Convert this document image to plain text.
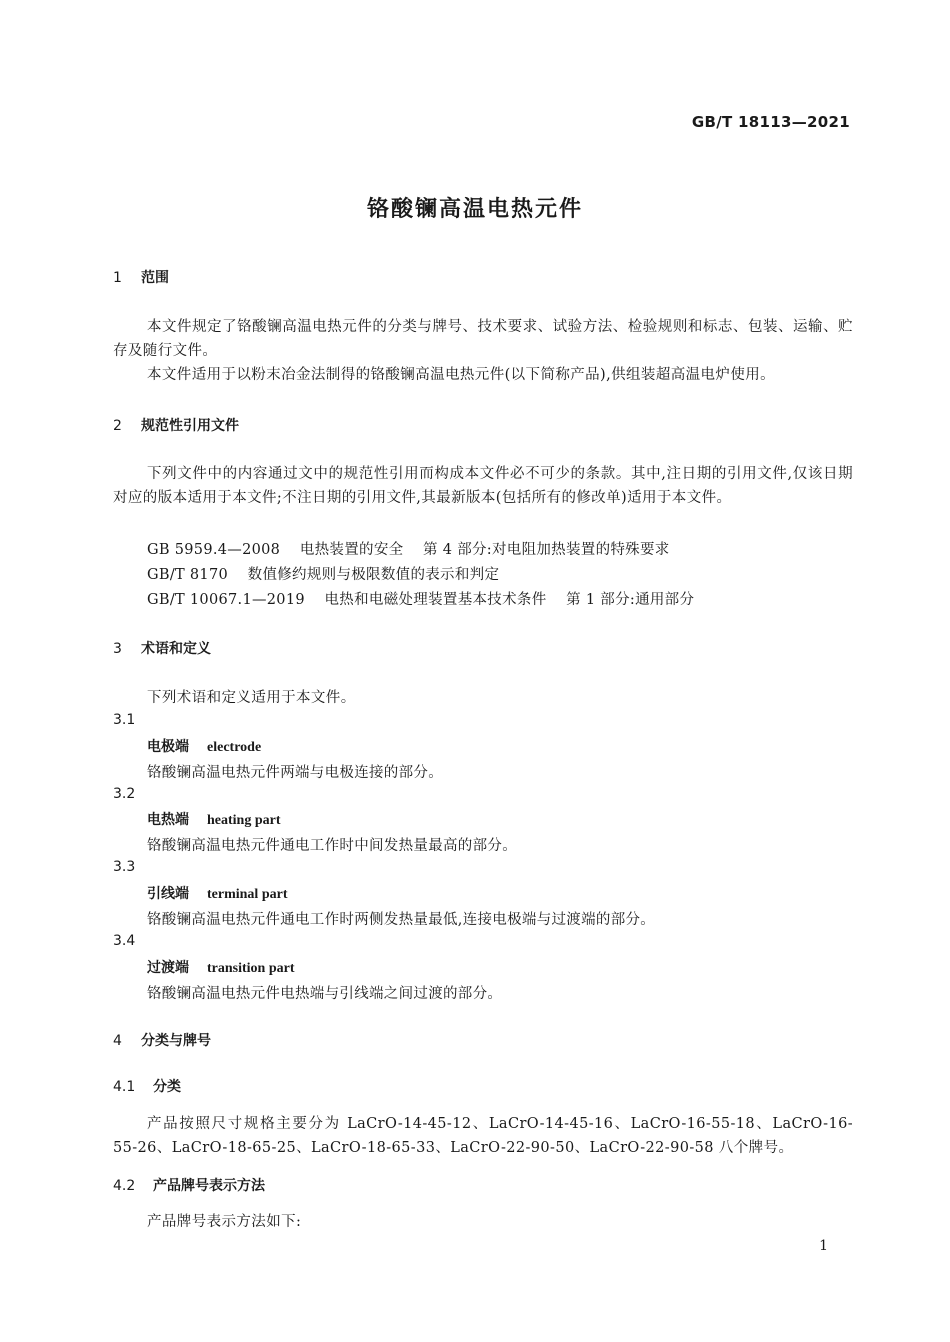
GB/T 18113—2021
铬酸镧高温电热元件
1 范围
本文件规定了铬酸镧高温电热元件的分类与牌号、技术要求、试验方法、检验规则和标志、包装、运输、贮存及随行文件。
本文件适用于以粉末冶金法制得的铬酸镧高温电热元件(以下简称产品),供组装超高温电炉使用。
2 规范性引用文件
下列文件中的内容通过文中的规范性引用而构成本文件必不可少的条款。其中,注日期的引用文件,仅该日期对应的版本适用于本文件;不注日期的引用文件,其最新版本(包括所有的修改单)适用于本文件。
GB 5959.4—2008    电热装置的安全    第 4 部分:对电阻加热装置的特殊要求
GB/T 8170    数值修约规则与极限数值的表示和判定
GB/T 10067.1—2019    电热和电磁处理装置基本技术条件    第 1 部分:通用部分
3 术语和定义
下列术语和定义适用于本文件。
3.1
电极端 electrode
铬酸镧高温电热元件两端与电极连接的部分。
3.2
电热端 heating part
铬酸镧高温电热元件通电工作时中间发热量最高的部分。
3.3
引线端 terminal part
铬酸镧高温电热元件通电工作时两侧发热量最低,连接电极端与过渡端的部分。
3.4
过渡端 transition part
铬酸镧高温电热元件电热端与引线端之间过渡的部分。
4 分类与牌号
4.1 分类
产品按照尺寸规格主要分为 LaCrO-14-45-12、LaCrO-14-45-16、LaCrO-16-55-18、LaCrO-16-55-26、LaCrO-18-65-25、LaCrO-18-65-33、LaCrO-22-90-50、LaCrO-22-90-58 八个牌号。
4.2 产品牌号表示方法
产品牌号表示方法如下:
1
